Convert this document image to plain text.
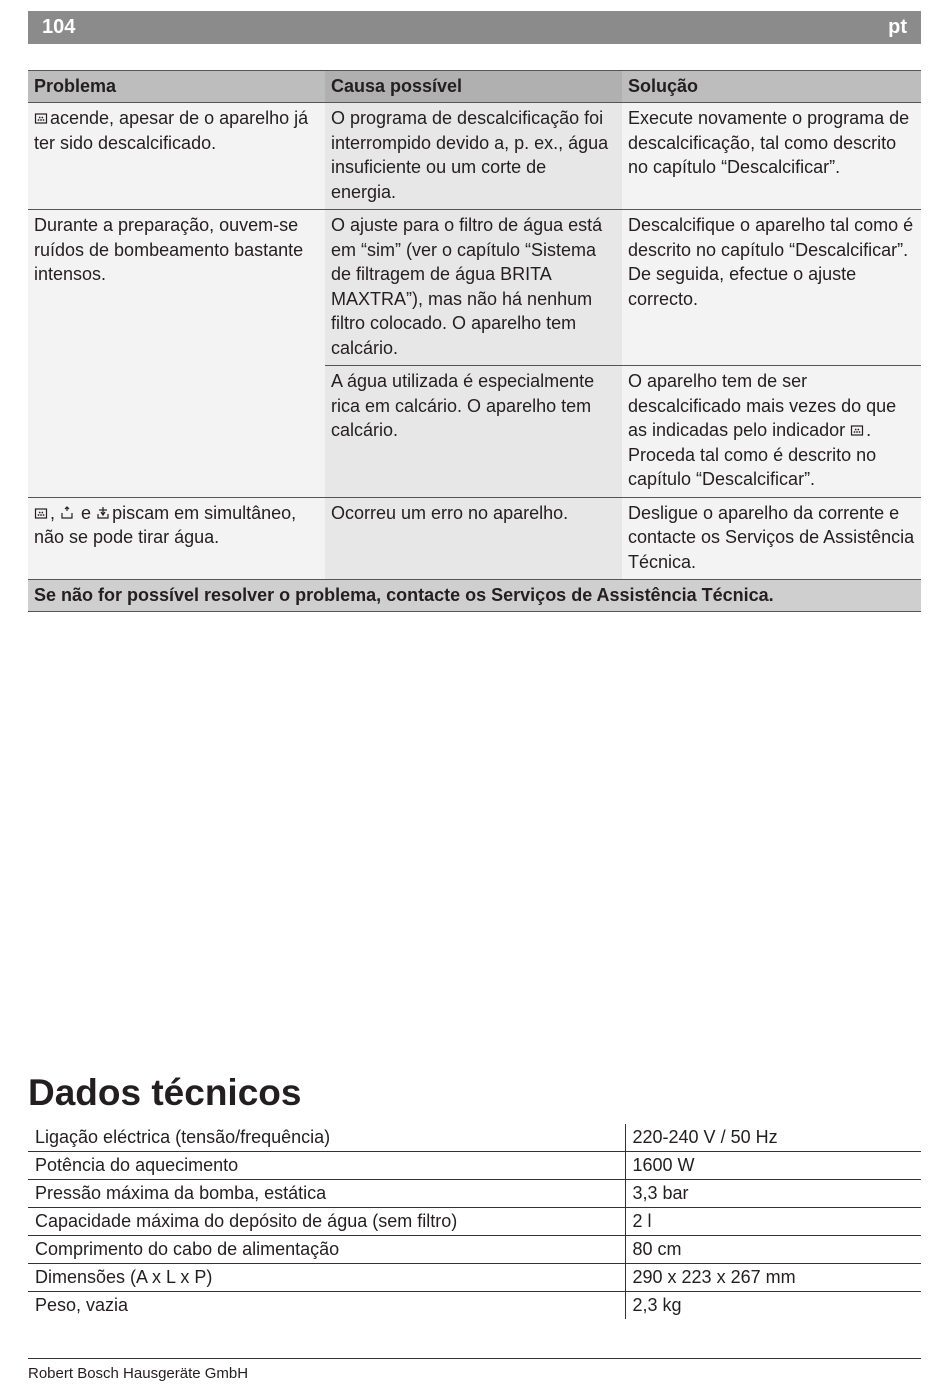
104	pt
Problema	Causa possível	Solução
acende, apesar de o aparelho já ter sido descalcificado.	O programa de descalcificação foi interrompido devido a, p. ex., água insuficiente ou um corte de energia.	Execute novamente o programa de descalcificação, tal como descrito no capítulo “Descalcificar”.
Durante a preparação, ouvem-se ruídos de bombeamento bastante intensos.	O ajuste para o filtro de água está em “sim” (ver o capítulo “Sistema de filtragem de água BRITA MAXTRA”), mas não há nenhum filtro colocado. O aparelho tem calcário.	Descalcifique o aparelho tal como é descrito no capítulo “Descalcificar”. De seguida, efectue o ajuste correcto.
	A água utilizada é especialmente rica em calcário. O aparelho tem calcário.	O aparelho tem de ser descalcificado mais vezes do que as indicadas pelo indicador . Proceda tal como é descrito no capítulo “Descalcificar”.
, e piscam em simultâneo, não se pode tirar água.	Ocorreu um erro no aparelho.	Desligue o aparelho da corrente e contacte os Serviços de Assistência Técnica.
Se não for possível resolver o problema, contacte os Serviços de Assistência Técnica.		
Dados técnicos
Ligação eléctrica (tensão/frequência)	220-240 V / 50 Hz
Potência do aquecimento	1600 W
Pressão máxima da bomba, estática	3,3 bar
Capacidade máxima do depósito de água (sem filtro)	2 l
Comprimento do cabo de alimentação	80 cm
Dimensões (A x L x P)	290 x 223 x 267 mm
Peso, vazia	2,3 kg
Robert Bosch Hausgeräte GmbH
